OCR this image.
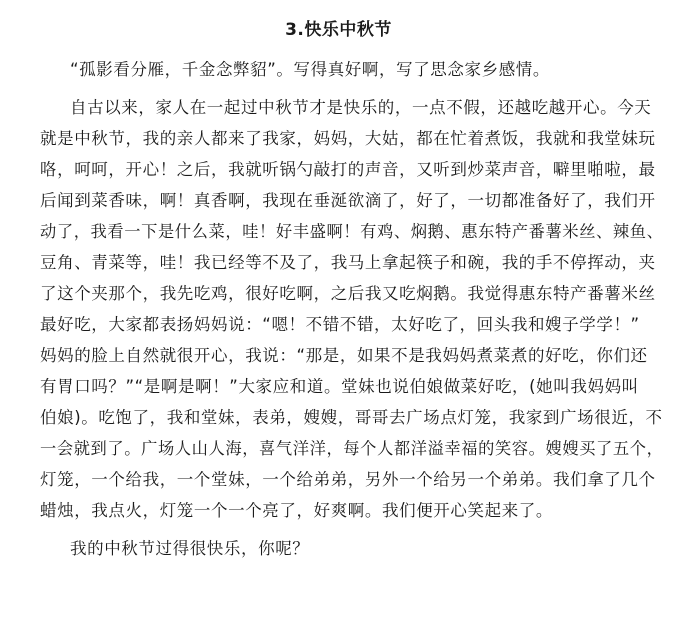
3.快乐中秋节
“孤影看分雁，千金念弊貂”。写得真好啊，写了思念家乡感情。
自古以来，家人在一起过中秋节才是快乐的，一点不假，还越吃越开心。今天
就是中秋节，我的亲人都来了我家，妈妈，大姑，都在忙着煮饭，我就和我堂妹玩
咯，呵呵，开心！之后，我就听锅勺敲打的声音，又听到炒菜声音，噼里啪啦，最
后闻到菜香味，啊！真香啊，我现在垂涎欲滴了，好了，一切都准备好了，我们开
动了，我看一下是什么菜，哇！好丰盛啊！有鸡、焖鹅、惠东特产番薯米丝、辣鱼、
豆角、青菜等，哇！我已经等不及了，我马上拿起筷子和碗，我的手不停挥动，夹
了这个夹那个，我先吃鸡，很好吃啊，之后我又吃焖鹅。我觉得惠东特产番薯米丝
最好吃，大家都表扬妈妈说：“嗯！不错不错，太好吃了，回头我和嫂子学学！”
妈妈的脸上自然就很开心，我说：“那是，如果不是我妈妈煮菜煮的好吃，你们还
有胃口吗？”“是啊是啊！”大家应和道。堂妹也说伯娘做菜好吃，(她叫我妈妈叫
伯娘)。吃饱了，我和堂妹，表弟，嫂嫂，哥哥去广场点灯笼，我家到广场很近，不
一会就到了。广场人山人海，喜气洋洋，每个人都洋溢幸福的笑容。嫂嫂买了五个，
灯笼，一个给我，一个堂妹，一个给弟弟，另外一个给另一个弟弟。我们拿了几个
蜡烛，我点火，灯笼一个一个亮了，好爽啊。我们便开心笑起来了。
我的中秋节过得很快乐，你呢？
